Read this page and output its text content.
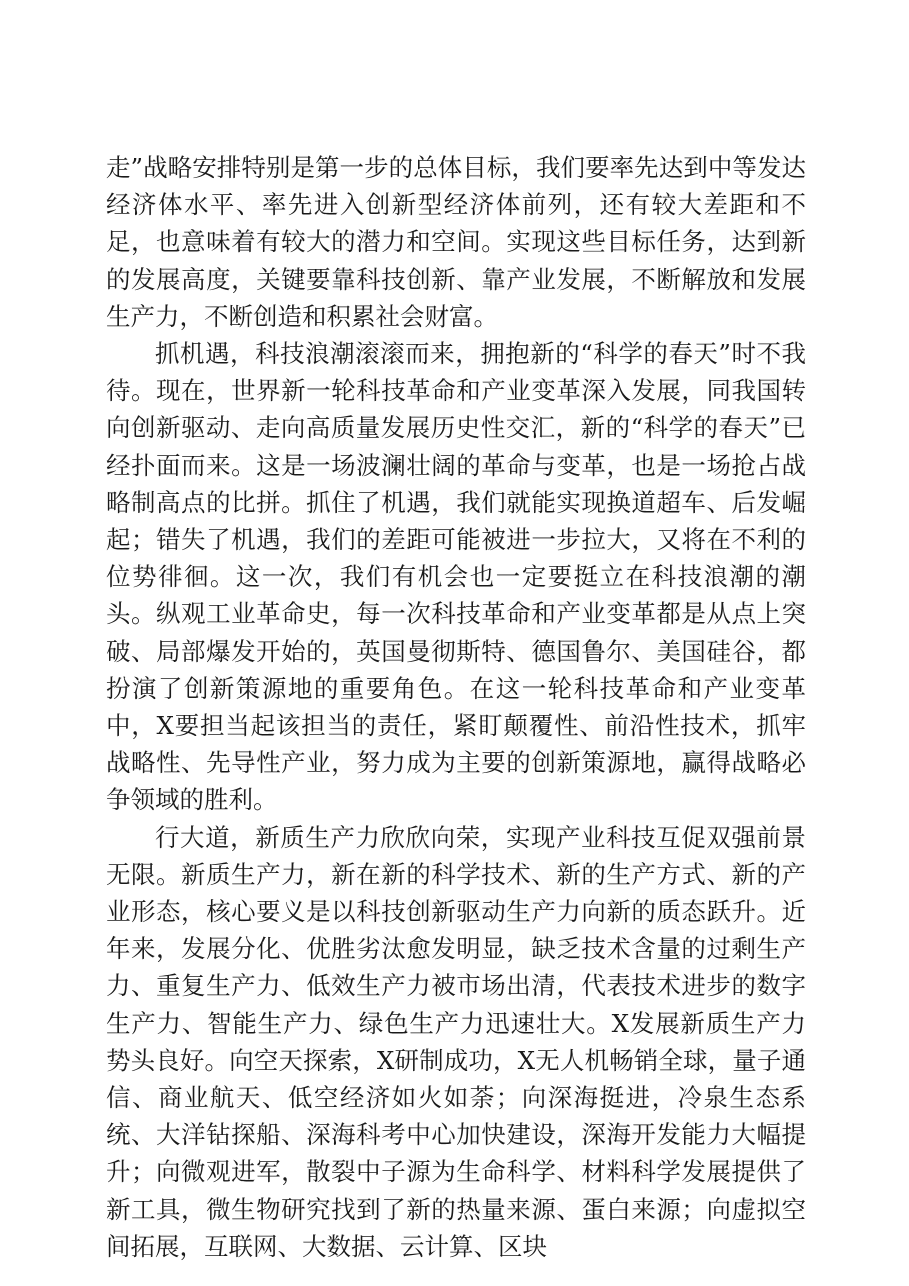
走”战略安排特别是第一步的总体目标，我们要率先达到中等发达经济体水平、率先进入创新型经济体前列，还有较大差距和不足，也意味着有较大的潜力和空间。实现这些目标任务，达到新的发展高度，关键要靠科技创新、靠产业发展，不断解放和发展生产力，不断创造和积累社会财富。

抓机遇，科技浪潮滚滚而来，拥抱新的“科学的春天”时不我待。现在，世界新一轮科技革命和产业变革深入发展，同我国转向创新驱动、走向高质量发展历史性交汇，新的“科学的春天”已经扑面而来。这是一场波澜壮阔的革命与变革，也是一场抢占战略制高点的比拼。抓住了机遇，我们就能实现换道超车、后发崛起；错失了机遇，我们的差距可能被进一步拉大，又将在不利的位势徘徊。这一次，我们有机会也一定要挺立在科技浪潮的潮头。纵观工业革命史，每一次科技革命和产业变革都是从点上突破、局部爆发开始的，英国曼彻斯特、德国鲁尔、美国硅谷，都扮演了创新策源地的重要角色。在这一轮科技革命和产业变革中，X要担当起该担当的责任，紧盯颠覆性、前沿性技术，抓牢战略性、先导性产业，努力成为主要的创新策源地，赢得战略必争领域的胜利。

行大道，新质生产力欣欣向荣，实现产业科技互促双强前景无限。新质生产力，新在新的科学技术、新的生产方式、新的产业形态，核心要义是以科技创新驱动生产力向新的质态跃升。近年来，发展分化、优胜劣汰愈发明显，缺乏技术含量的过剩生产力、重复生产力、低效生产力被市场出清，代表技术进步的数字生产力、智能生产力、绿色生产力迅速壮大。X发展新质生产力势头良好。向空天探索，X研制成功，X无人机畅销全球，量子通信、商业航天、低空经济如火如荼；向深海挺进，冷泉生态系统、大洋钻探船、深海科考中心加快建设，深海开发能力大幅提升；向微观进军，散裂中子源为生命科学、材料科学发展提供了新工具，微生物研究找到了新的热量来源、蛋白来源；向虚拟空间拓展，互联网、大数据、云计算、区块
